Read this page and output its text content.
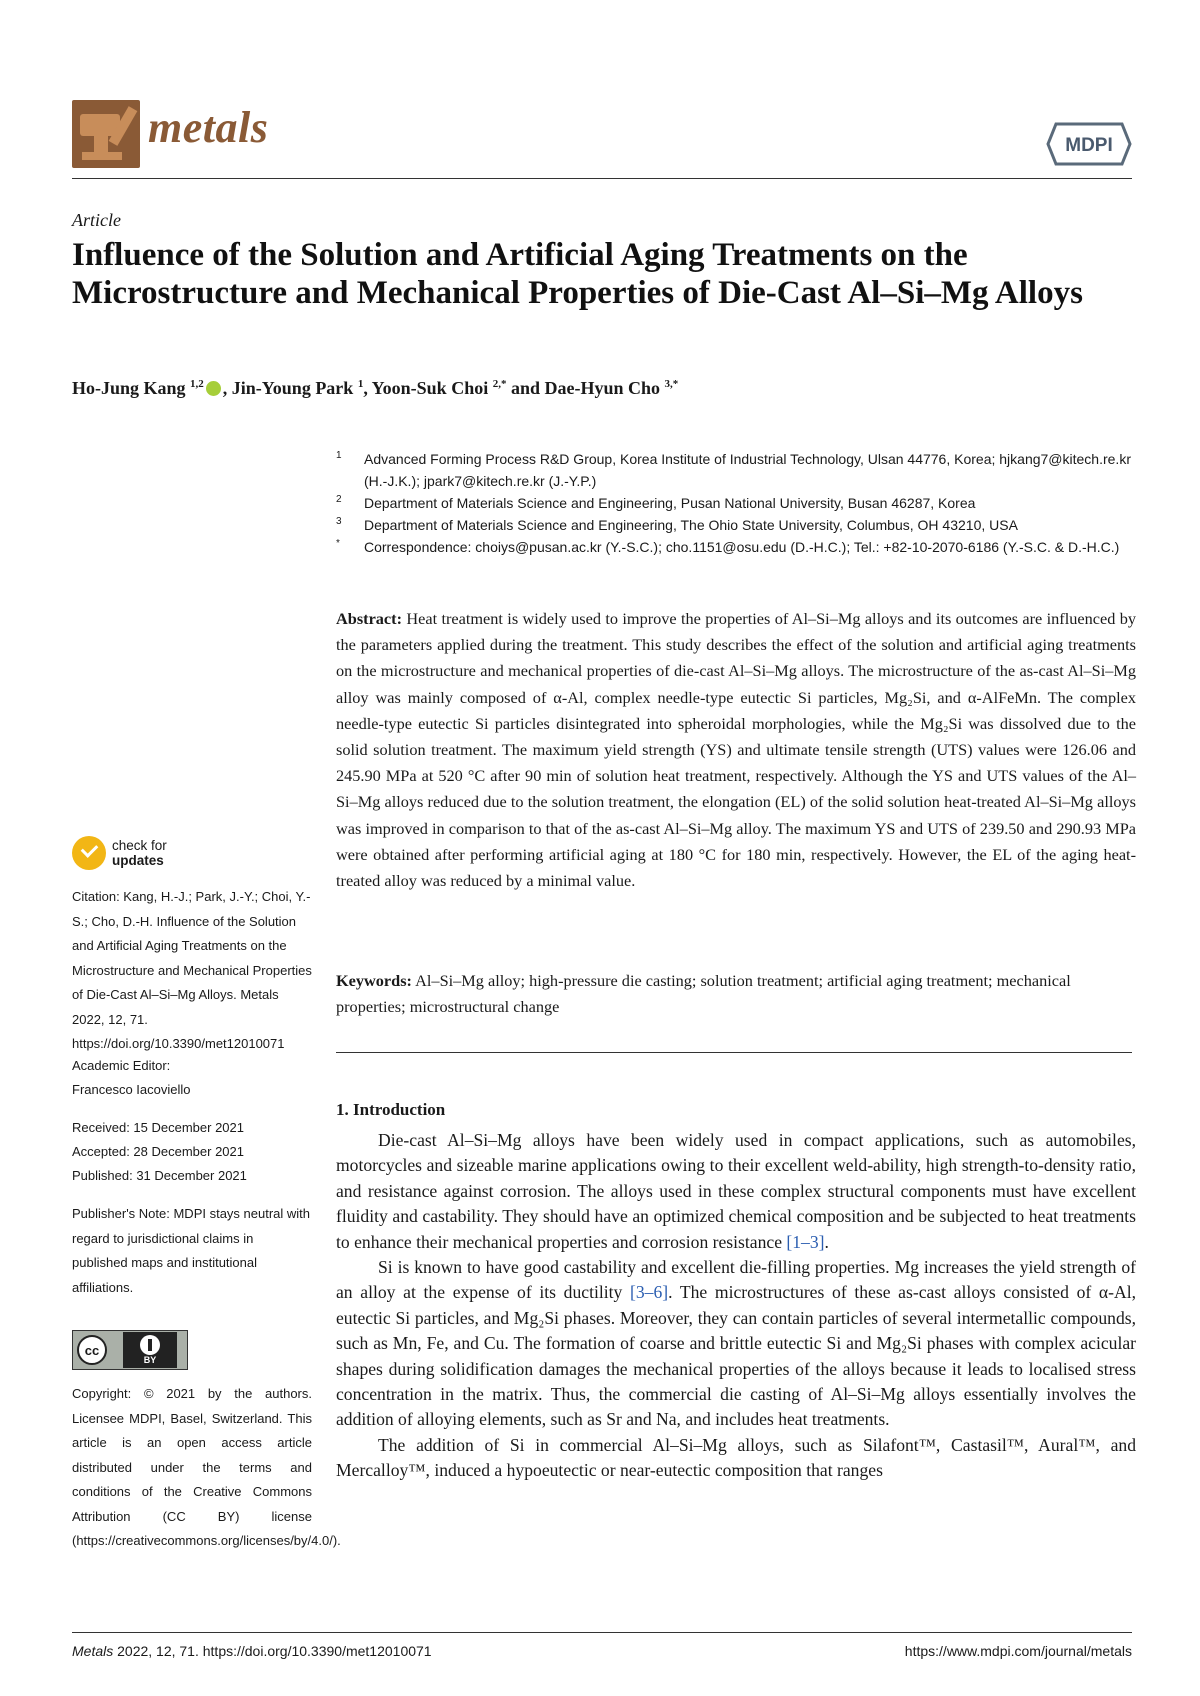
metals	MDPI
Article
Influence of the Solution and Artificial Aging Treatments on the Microstructure and Mechanical Properties of Die-Cast Al–Si–Mg Alloys
Ho-Jung Kang $^{1,2}$ , Jin-Young Park $^1$, Yoon-Suk Choi $^{2,*}$ and Dae-Hyun Cho $^{3,*}$
1	Advanced Forming Process R&D Group, Korea Institute of Industrial Technology, Ulsan 44776, Korea; hjkang7@kitech.re.kr (H.-J.K.); jpark7@kitech.re.kr (J.-Y.P.)
2	Department of Materials Science and Engineering, Pusan National University, Busan 46287, Korea
3	Department of Materials Science and Engineering, The Ohio State University, Columbus, OH 43210, USA
*	Correspondence: choiys@pusan.ac.kr (Y.-S.C.); cho.1151@osu.edu (D.-H.C.); Tel.: +82-10-2070-6186 (Y.-S.C. & D.-H.C.)
Abstract: Heat treatment is widely used to improve the properties of Al–Si–Mg alloys and its outcomes are influenced by the parameters applied during the treatment. This study describes the effect of the solution and artificial aging treatments on the microstructure and mechanical properties of die-cast Al–Si–Mg alloys. The microstructure of the as-cast Al–Si–Mg alloy was mainly composed of α-Al, complex needle-type eutectic Si particles, Mg₂Si, and α-AlFeMn. The complex needle-type eutectic Si particles disintegrated into spheroidal morphologies, while the Mg₂Si was dissolved due to the solid solution treatment. The maximum yield strength (YS) and ultimate tensile strength (UTS) values were 126.06 and 245.90 MPa at 520 °C after 90 min of solution heat treatment, respectively. Although the YS and UTS values of the Al–Si–Mg alloys reduced due to the solution treatment, the elongation (EL) of the solid solution heat-treated Al–Si–Mg alloys was improved in comparison to that of the as-cast Al–Si–Mg alloy. The maximum YS and UTS of 239.50 and 290.93 MPa were obtained after performing artificial aging at 180 °C for 180 min, respectively. However, the EL of the aging heat-treated alloy was reduced by a minimal value.
Keywords: Al–Si–Mg alloy; high-pressure die casting; solution treatment; artificial aging treatment; mechanical properties; microstructural change
1. Introduction

Die-cast Al–Si–Mg alloys have been widely used in compact applications, such as automobiles, motorcycles and sizeable marine applications owing to their excellent weld-ability, high strength-to-density ratio, and resistance against corrosion. The alloys used in these complex structural components must have excellent fluidity and castability. They should have an optimized chemical composition and be subjected to heat treatments to enhance their mechanical properties and corrosion resistance [1–3].

Si is known to have good castability and excellent die-filling properties. Mg increases the yield strength of an alloy at the expense of its ductility [3–6]. The microstructures of these as-cast alloys consisted of α-Al, eutectic Si particles, and Mg₂Si phases. Moreover, they can contain particles of several intermetallic compounds, such as Mn, Fe, and Cu. The formation of coarse and brittle eutectic Si and Mg₂Si phases with complex acicular shapes during solidification damages the mechanical properties of the alloys because it leads to localised stress concentration in the matrix. Thus, the commercial die casting of Al–Si–Mg alloys essentially involves the addition of alloying elements, such as Sr and Na, and includes heat treatments.

The addition of Si in commercial Al–Si–Mg alloys, such as Silafont™, Castasil™, Aural™, and Mercalloy™, induced a hypoeutectic or near-eutectic composition that ranges

check for
updates
Citation: Kang, H.-J.; Park, J.-Y.; Choi, Y.-S.; Cho, D.-H. Influence of the Solution and Artificial Aging Treatments on the Microstructure and Mechanical Properties of Die-Cast Al–Si–Mg Alloys. Metals 2022, 12, 71. https://doi.org/10.3390/met12010071
Academic Editor:
Francesco Iacoviello
Received: 15 December 2021
Accepted: 28 December 2021
Published: 31 December 2021
Publisher's Note: MDPI stays neutral with regard to jurisdictional claims in published maps and institutional affiliations.
cc
BY
Copyright: © 2021 by the authors. Licensee MDPI, Basel, Switzerland. This article is an open access article distributed under the terms and conditions of the Creative Commons Attribution (CC BY) license (https://creativecommons.org/licenses/by/4.0/).
Metals 2022, 12, 71. https://doi.org/10.3390/met12010071	https://www.mdpi.com/journal/metals
